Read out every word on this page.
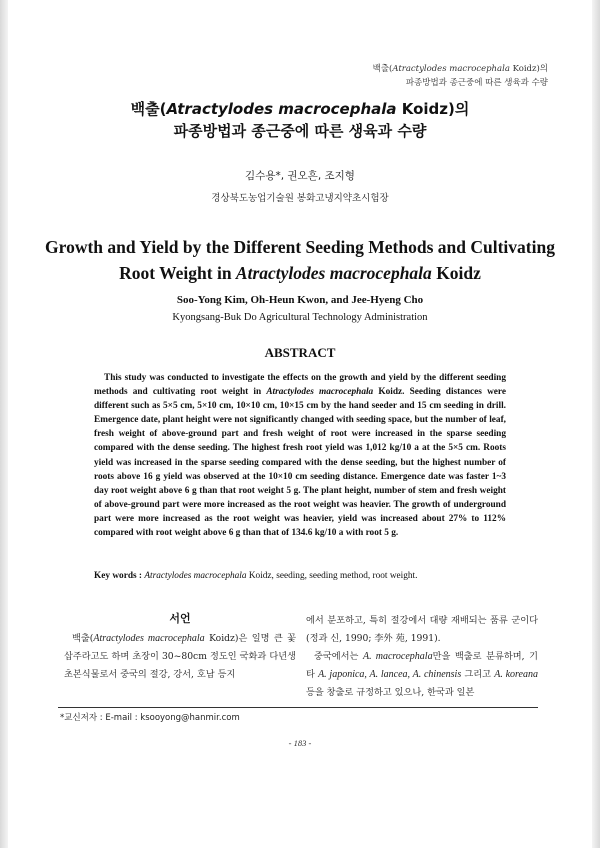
백출(Atractylodes macrocephala Koidz)의
파종방법과 종근중에 따른 생육과 수량
백출(Atractylodes macrocephala Koidz)의
파종방법과 종근중에 따른 생육과 수량
김수용*, 권오흔, 조지형
경상북도농업기술원 봉화고냉지약초시험장
Growth and Yield by the Different Seeding Methods and Cultivating
Root Weight in Atractylodes macrocephala Koidz
Soo-Yong Kim, Oh-Heun Kwon, and Jee-Hyeng Cho
Kyongsang-Buk Do Agricultural Technology Administration
ABSTRACT

This study was conducted to investigate the effects on the growth and yield by the different seeding methods and cultivating root weight in Atractylodes macrocephala Koidz. Seeding distances were different such as 5×5 cm, 5×10 cm, 10×10 cm, 10×15 cm by the hand seeder and 15 cm seeding in drill. Emergence date, plant height were not significantly changed with seeding space, but the number of leaf, fresh weight of above-ground part and fresh weight of root were increased in the sparse seeding compared with the dense seeding. The highest fresh root yield was 1,012 kg/10 a at the 5×5 cm. Roots yield was increased in the sparse seeding compared with the dense seeding, but the highest number of roots above 16 g yield was observed at the 10×10 cm seeding distance. Emergence date was faster 1~3 day root weight above 6 g than that root weight 5 g. The plant height, number of stem and fresh weight of above-ground part were more increased as the root weight was heavier. The growth of underground part were more increased as the root weight was heavier, yield was increased about 27% to 112% compared with root weight above 6 g than that of 134.6 kg/10 a with root 5 g.

Key words : Atractylodes macrocephala Koidz, seeding, seeding method, root weight.
서언
백출(Atractylodes macrocephala Koidz)은 일명 큰 꽃삽주라고도 하며 초장이 30~80cm 정도인 국화과 다년생 초본식물로서 중국의 절강, 강서, 호남 등지
에서 분포하고, 특히 절강에서 대량 재배되는 품류 군이다(정과 신, 1990; 李外 苑, 1991).
중국에서는 A. macrocephala만을 백출로 분류하며, 기타 A. japonica, A. lancea, A. chinensis 그리고 A. koreana 등을 창출로 규정하고 있으나, 한국과 일본
*교신저자 : E-mail : ksooyong@hanmir.com
- 183 -
